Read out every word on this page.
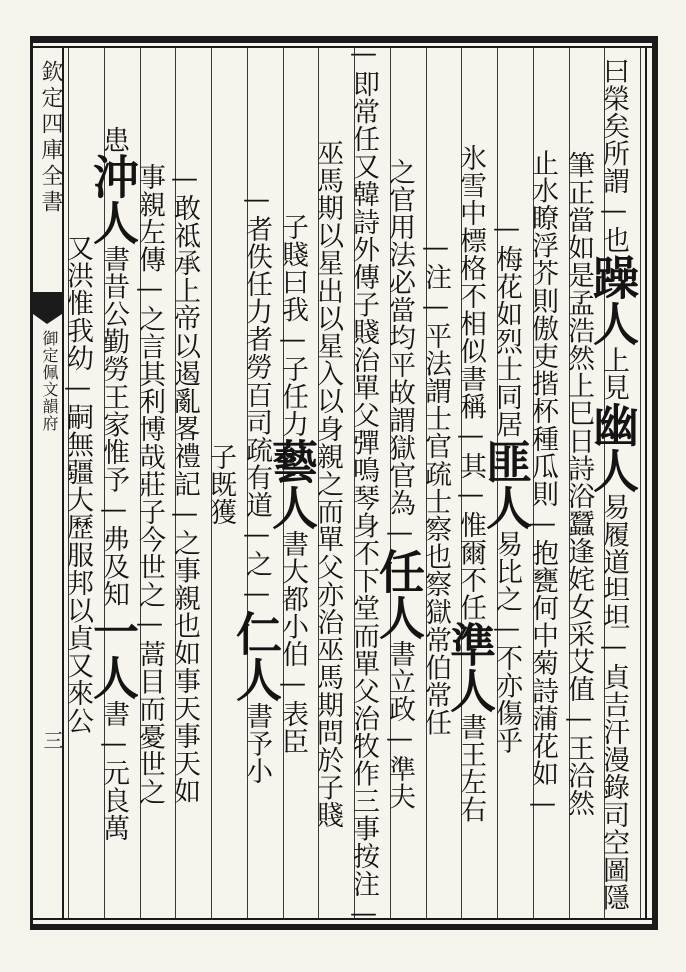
欽定四庫全書
御定佩文韻府
三
曰榮矣所謂—也躁人上見幽人易履道坦坦—貞吉汗漫錄司空圖隱
筆正當如是孟浩然上巳日詩浴蠶逢姹女采艾值—王洽然
止水瞭浮芥則傲吏揩杯種瓜則—抱甕何中菊詩蒲花如—
—梅花如烈士同居匪人易比之—不亦傷乎
氷雪中標格不相似書稱—其—惟爾不任準人書王左右
—注—平法謂士官疏士察也察獄常伯常任
之官用法必當均平故謂獄官為—任人書立政—準夫
—即常任又韓詩外傳子賤治單父彈鳴琴身不下堂而單父治牧作三事按注—
巫馬期以星出以星入以身親之而單父亦治巫馬期問於子賤
子賤曰我—子任力藝人書大都小伯—表臣
—者佚任力者勞百司疏有道—之—仁人書予小
子既獲
—敢祗承上帝以遏亂畧禮記—之事親也如事天事天如
事親左傳—之言其利博哉莊子今世之—蒿目而憂世之
患沖人書昔公勤勞王家惟予—弗及知一人書—元良萬
又洪惟我幼—嗣無疆大歷服邦以貞又來公
